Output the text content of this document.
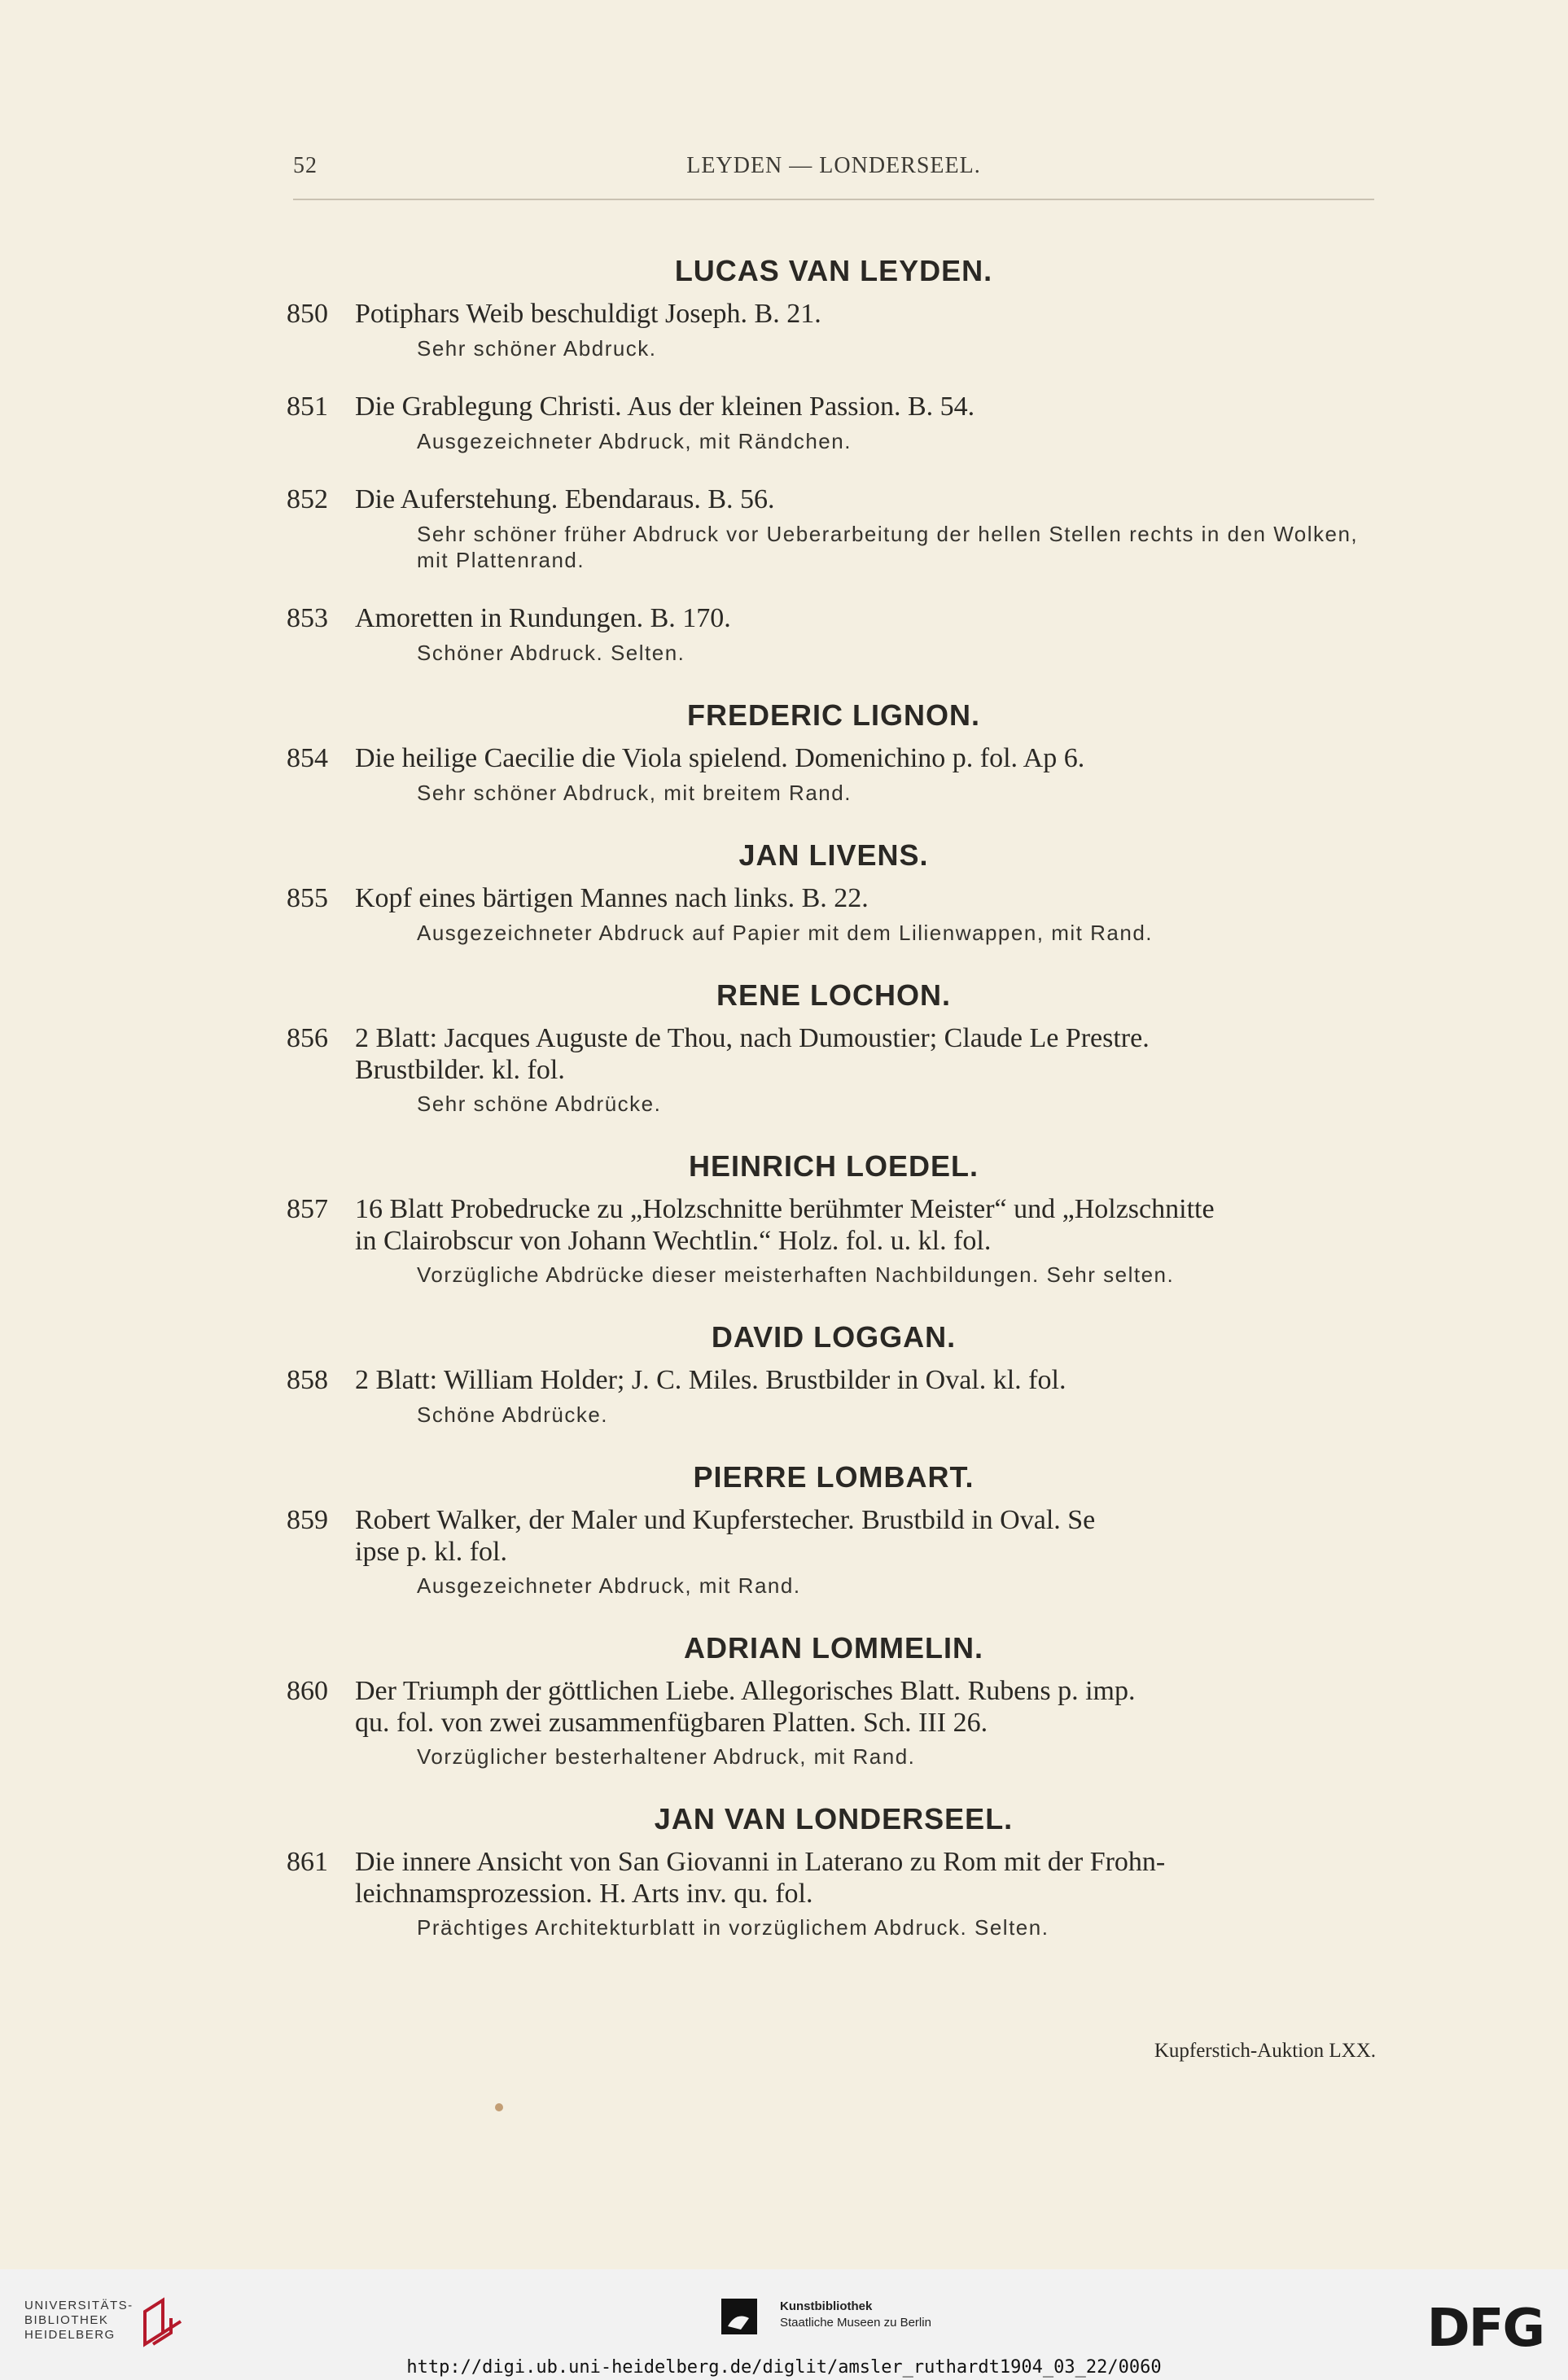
52	LEYDEN — LONDERSEEL.
LUCAS VAN LEYDEN.
850 Potiphars Weib beschuldigt Joseph. B. 21.
Sehr schöner Abdruck.
851 Die Grablegung Christi. Aus der kleinen Passion. B. 54.
Ausgezeichneter Abdruck, mit Rändchen.
852 Die Auferstehung. Ebendaraus. B. 56.
Sehr schöner früher Abdruck vor Ueberarbeitung der hellen Stellen rechts in den Wolken, mit Plattenrand.
853 Amoretten in Rundungen. B. 170.
Schöner Abdruck. Selten.
FREDERIC LIGNON.
854 Die heilige Caecilie die Viola spielend. Domenichino p. fol. Ap 6.
Sehr schöner Abdruck, mit breitem Rand.
JAN LIVENS.
855 Kopf eines bärtigen Mannes nach links. B. 22.
Ausgezeichneter Abdruck auf Papier mit dem Lilienwappen, mit Rand.
RENE LOCHON.
856 2 Blatt: Jacques Auguste de Thou, nach Dumoustier; Claude Le Prestre.
Brustbilder. kl. fol.
Sehr schöne Abdrücke.
HEINRICH LOEDEL.
857 16 Blatt Probedrucke zu „Holzschnitte berühmter Meister“ und „Holzschnitte
in Clairobscur von Johann Wechtlin.“ Holz. fol. u. kl. fol.
Vorzügliche Abdrücke dieser meisterhaften Nachbildungen. Sehr selten.
DAVID LOGGAN.
858 2 Blatt: William Holder; J. C. Miles. Brustbilder in Oval. kl. fol.
Schöne Abdrücke.
PIERRE LOMBART.
859 Robert Walker, der Maler und Kupferstecher. Brustbild in Oval. Se
ipse p. kl. fol.
Ausgezeichneter Abdruck, mit Rand.
ADRIAN LOMMELIN.
860 Der Triumph der göttlichen Liebe. Allegorisches Blatt. Rubens p. imp.
qu. fol. von zwei zusammenfügbaren Platten. Sch. III 26.
Vorzüglicher besterhaltener Abdruck, mit Rand.
JAN VAN LONDERSEEL.
861 Die innere Ansicht von San Giovanni in Laterano zu Rom mit der Frohn-
leichnamsprozession. H. Arts inv. qu. fol.
Prächtiges Architekturblatt in vorzüglichem Abdruck. Selten.
Kupferstich-Auktion LXX.
UNIVERSITÄTS-
BIBLIOTHEK
HEIDELBERG
Kunstbibliothek
Staatliche Museen zu Berlin	DFG
http://digi.ub.uni-heidelberg.de/diglit/amsler_ruthardt1904_03_22/0060
